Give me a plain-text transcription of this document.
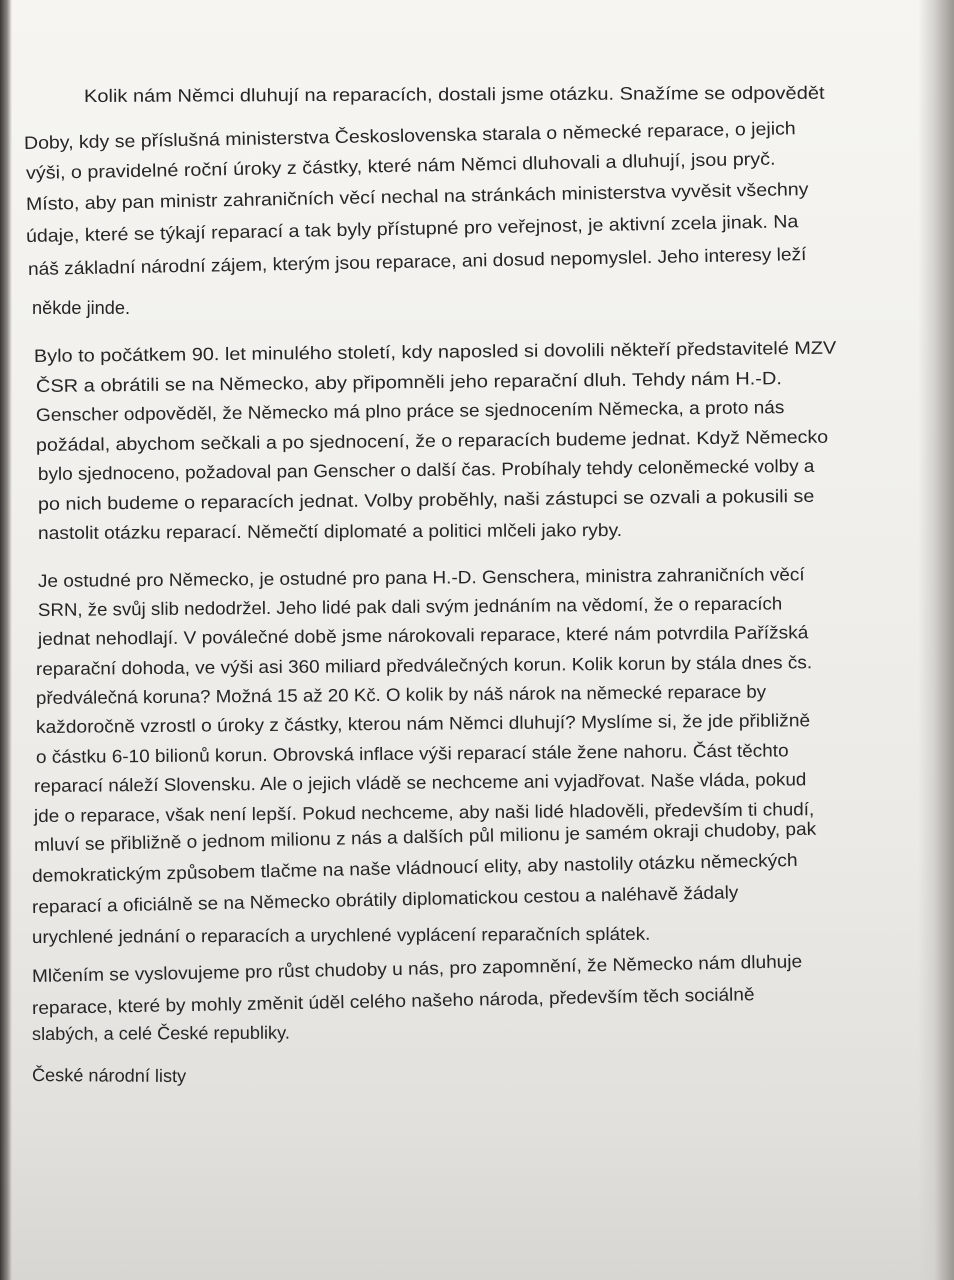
Kolik nám Němci dluhují na reparacích, dostali jsme otázku. Snažíme se odpovědět
Doby, kdy se příslušná ministerstva Československa starala o německé reparace, o jejich
výši, o pravidelné roční úroky z částky, které nám Němci dluhovali a dluhují, jsou pryč.
Místo, aby pan ministr zahraničních věcí nechal na stránkách ministerstva vyvěsit všechny
údaje, které se týkají reparací a tak byly přístupné pro veřejnost, je aktivní zcela jinak. Na
náš základní národní zájem, kterým jsou reparace, ani dosud nepomyslel. Jeho interesy leží
někde jinde.
Bylo to počátkem 90. let minulého století, kdy naposled si dovolili někteří představitelé MZV
ČSR a obrátili se na Německo, aby připomněli jeho reparační dluh. Tehdy nám H.-D.
Genscher odpověděl, že Německo má plno práce se sjednocením Německa, a proto nás
požádal, abychom sečkali a po sjednocení, že o reparacích budeme jednat. Když Německo
bylo sjednoceno, požadoval pan Genscher o další čas. Probíhaly tehdy celoněmecké volby a
po nich budeme o reparacích jednat. Volby proběhly, naši zástupci se ozvali a pokusili se
nastolit otázku reparací. Němečtí diplomaté a politici mlčeli jako ryby.
Je ostudné pro Německo, je ostudné pro pana H.-D. Genschera, ministra zahraničních věcí
SRN, že svůj slib nedodržel. Jeho lidé pak dali svým jednáním na vědomí, že o reparacích
jednat nehodlají. V poválečné době jsme nárokovali reparace, které nám potvrdila Pařížská
reparační dohoda, ve výši asi 360 miliard předválečných korun. Kolik korun by stála dnes čs.
předválečná koruna? Možná 15 až 20 Kč. O kolik by náš nárok na německé reparace by
každoročně vzrostl o úroky z částky, kterou nám Němci dluhují? Myslíme si, že jde přibližně
o částku 6-10 bilionů korun. Obrovská inflace výši reparací stále žene nahoru. Část těchto
reparací náleží Slovensku. Ale o jejich vládě se nechceme ani vyjadřovat. Naše vláda, pokud
jde o reparace, však není lepší. Pokud nechceme, aby naši lidé hladověli, především ti chudí,
mluví se přibližně o jednom milionu z nás a dalších půl milionu je samém okraji chudoby, pak
demokratickým způsobem tlačme na naše vládnoucí elity, aby nastolily otázku německých
reparací a oficiálně se na Německo obrátily diplomatickou cestou a naléhavě žádaly
urychlené jednání o reparacích a urychlené vyplácení reparačních splátek.
Mlčením se vyslovujeme pro růst chudoby u nás, pro zapomnění, že Německo nám dluhuje
reparace, které by mohly změnit úděl celého našeho národa, především těch sociálně
slabých, a celé České republiky.
České národní listy
